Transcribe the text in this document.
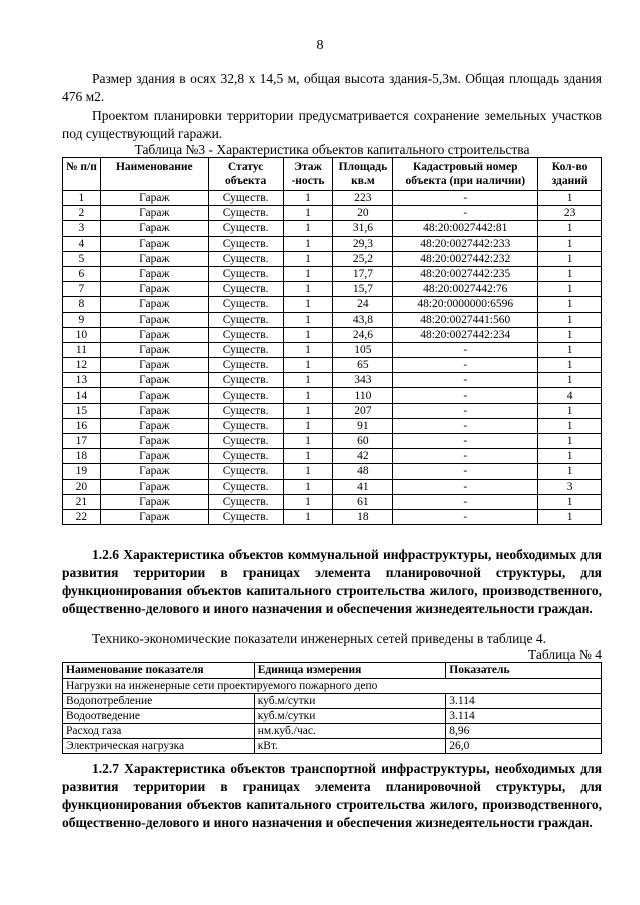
8
Размер здания в осях 32,8 х 14,5 м, общая высота здания-5,3м. Общая площадь здания 476 м2.
Проектом планировки территории предусматривается сохранение земельных участков под существующий гаражи.
Таблица №3 - Характеристика объектов капитального строительства
№ п/п	Наименование	Статус объекта	Этаж -ность	Площадь кв.м	Кадастровый номер объекта (при наличии)	Кол-во зданий
1	Гараж	Существ.	1	223	-	1
2	Гараж	Существ.	1	20	-	23
3	Гараж	Существ.	1	31,6	48:20:0027442:81	1
4	Гараж	Существ.	1	29,3	48:20:0027442:233	1
5	Гараж	Существ.	1	25,2	48:20:0027442:232	1
6	Гараж	Существ.	1	17,7	48:20:0027442:235	1
7	Гараж	Существ.	1	15,7	48:20:0027442:76	1
8	Гараж	Существ.	1	24	48:20:0000000:6596	1
9	Гараж	Существ.	1	43,8	48:20:0027441:560	1
10	Гараж	Существ.	1	24,6	48:20:0027442:234	1
11	Гараж	Существ.	1	105	-	1
12	Гараж	Существ.	1	65	-	1
13	Гараж	Существ.	1	343	-	1
14	Гараж	Существ.	1	110	-	4
15	Гараж	Существ.	1	207	-	1
16	Гараж	Существ.	1	91	-	1
17	Гараж	Существ.	1	60	-	1
18	Гараж	Существ.	1	42	-	1
19	Гараж	Существ.	1	48	-	1
20	Гараж	Существ.	1	41	-	3
21	Гараж	Существ.	1	61	-	1
22	Гараж	Существ.	1	18	-	1
1.2.6 Характеристика объектов коммунальной инфраструктуры, необходимых для развития территории в границах элемента планировочной структуры, для функционирования объектов капитального строительства жилого, производственного, общественно-делового и иного назначения и обеспечения жизнедеятельности граждан.
Технико-экономические показатели инженерных сетей приведены в таблице 4.
Таблица № 4
Наименование показателя	Единица измерения	Показатель
Нагрузки на инженерные сети проектируемого пожарного депо		
Водопотребление	куб.м/сутки	3.114
Водоотведение	куб.м/сутки	3.114
Расход газа	нм.куб./час.	8,96
Электрическая нагрузка	кВт.	26,0
1.2.7 Характеристика объектов транспортной инфраструктуры, необходимых для развития территории в границах элемента планировочной структуры, для функционирования объектов капитального строительства жилого, производственного, общественно-делового и иного назначения и обеспечения жизнедеятельности граждан.
